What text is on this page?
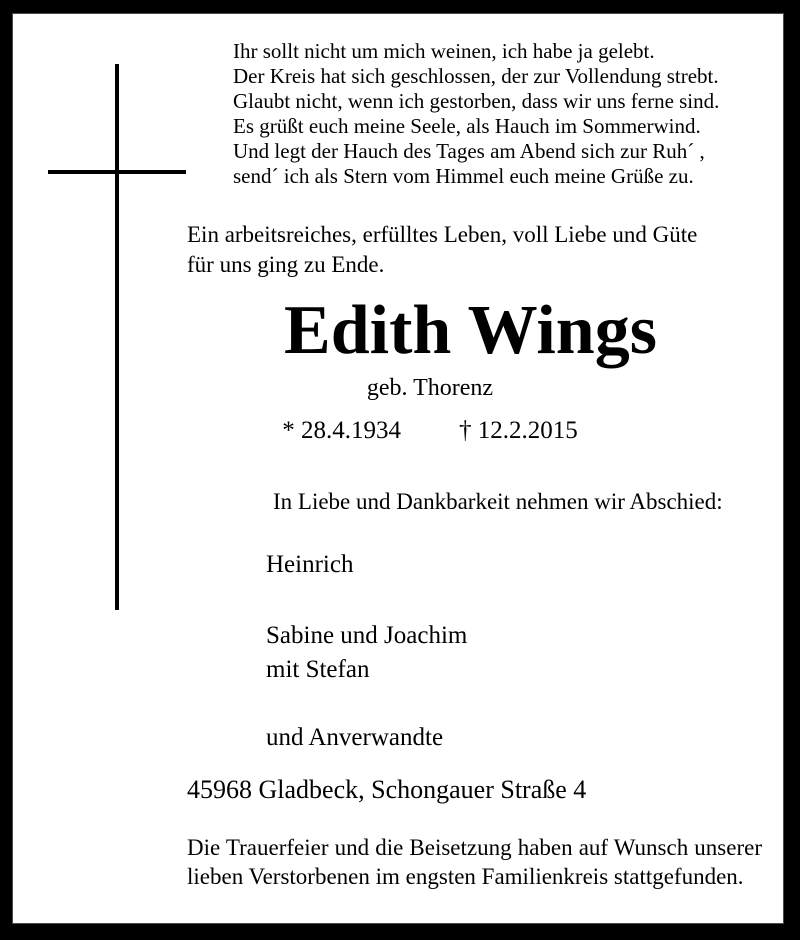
Ihr sollt nicht um mich weinen, ich habe ja gelebt.
Der Kreis hat sich geschlossen, der zur Vollendung strebt.
Glaubt nicht, wenn ich gestorben, dass wir uns ferne sind.
Es grüßt euch meine Seele, als Hauch im Sommerwind.
Und legt der Hauch des Tages am Abend sich zur Ruh´ ,
send´ ich als Stern vom Himmel euch meine Grüße zu.
Ein arbeitsreiches, erfülltes Leben, voll Liebe und Güte
für uns ging zu Ende.
Edith Wings
geb. Thorenz
* 28.4.1934 † 12.2.2015
In Liebe und Dankbarkeit nehmen wir Abschied:
Heinrich
Sabine und Joachim
mit Stefan
und Anverwandte
45968 Gladbeck, Schongauer Straße 4
Die Trauerfeier und die Beisetzung haben auf Wunsch unserer lieben Verstorbenen im engsten Familienkreis stattgefunden.
